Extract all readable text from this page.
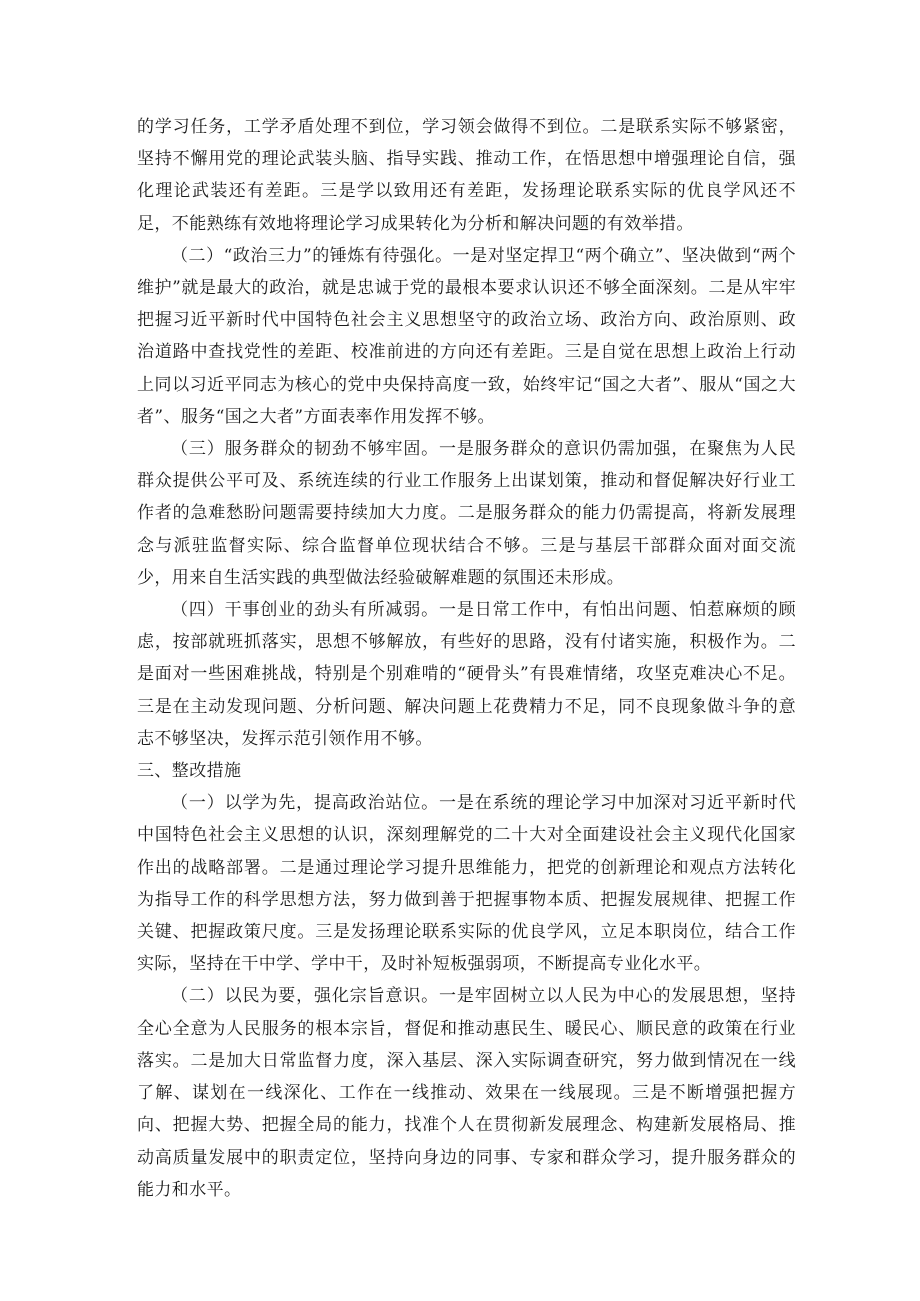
的学习任务，工学矛盾处理不到位，学习领会做得不到位。二是联系实际不够紧密，坚持不懈用党的理论武装头脑、指导实践、推动工作，在悟思想中增强理论自信，强化理论武装还有差距。三是学以致用还有差距，发扬理论联系实际的优良学风还不足，不能熟练有效地将理论学习成果转化为分析和解决问题的有效举措。

（二）“政治三力”的锤炼有待强化。一是对坚定捍卫“两个确立”、坚决做到“两个维护”就是最大的政治，就是忠诚于党的最根本要求认识还不够全面深刻。二是从牢牢把握习近平新时代中国特色社会主义思想坚守的政治立场、政治方向、政治原则、政治道路中查找党性的差距、校准前进的方向还有差距。三是自觉在思想上政治上行动上同以习近平同志为核心的党中央保持高度一致，始终牢记“国之大者”、服从“国之大者”、服务“国之大者”方面表率作用发挥不够。

（三）服务群众的韧劲不够牢固。一是服务群众的意识仍需加强，在聚焦为人民群众提供公平可及、系统连续的行业工作服务上出谋划策，推动和督促解决好行业工作者的急难愁盼问题需要持续加大力度。二是服务群众的能力仍需提高，将新发展理念与派驻监督实际、综合监督单位现状结合不够。三是与基层干部群众面对面交流少，用来自生活实践的典型做法经验破解难题的氛围还未形成。

（四）干事创业的劲头有所减弱。一是日常工作中，有怕出问题、怕惹麻烦的顾虑，按部就班抓落实，思想不够解放，有些好的思路，没有付诸实施，积极作为。二是面对一些困难挑战，特别是个别难啃的“硬骨头”有畏难情绪，攻坚克难决心不足。三是在主动发现问题、分析问题、解决问题上花费精力不足，同不良现象做斗争的意志不够坚决，发挥示范引领作用不够。

三、整改措施

（一）以学为先，提高政治站位。一是在系统的理论学习中加深对习近平新时代中国特色社会主义思想的认识，深刻理解党的二十大对全面建设社会主义现代化国家作出的战略部署。二是通过理论学习提升思维能力，把党的创新理论和观点方法转化为指导工作的科学思想方法，努力做到善于把握事物本质、把握发展规律、把握工作关键、把握政策尺度。三是发扬理论联系实际的优良学风，立足本职岗位，结合工作实际，坚持在干中学、学中干，及时补短板强弱项，不断提高专业化水平。

（二）以民为要，强化宗旨意识。一是牢固树立以人民为中心的发展思想，坚持全心全意为人民服务的根本宗旨，督促和推动惠民生、暖民心、顺民意的政策在行业落实。二是加大日常监督力度，深入基层、深入实际调查研究，努力做到情况在一线了解、谋划在一线深化、工作在一线推动、效果在一线展现。三是不断增强把握方向、把握大势、把握全局的能力，找准个人在贯彻新发展理念、构建新发展格局、推动高质量发展中的职责定位，坚持向身边的同事、专家和群众学习，提升服务群众的能力和水平。
